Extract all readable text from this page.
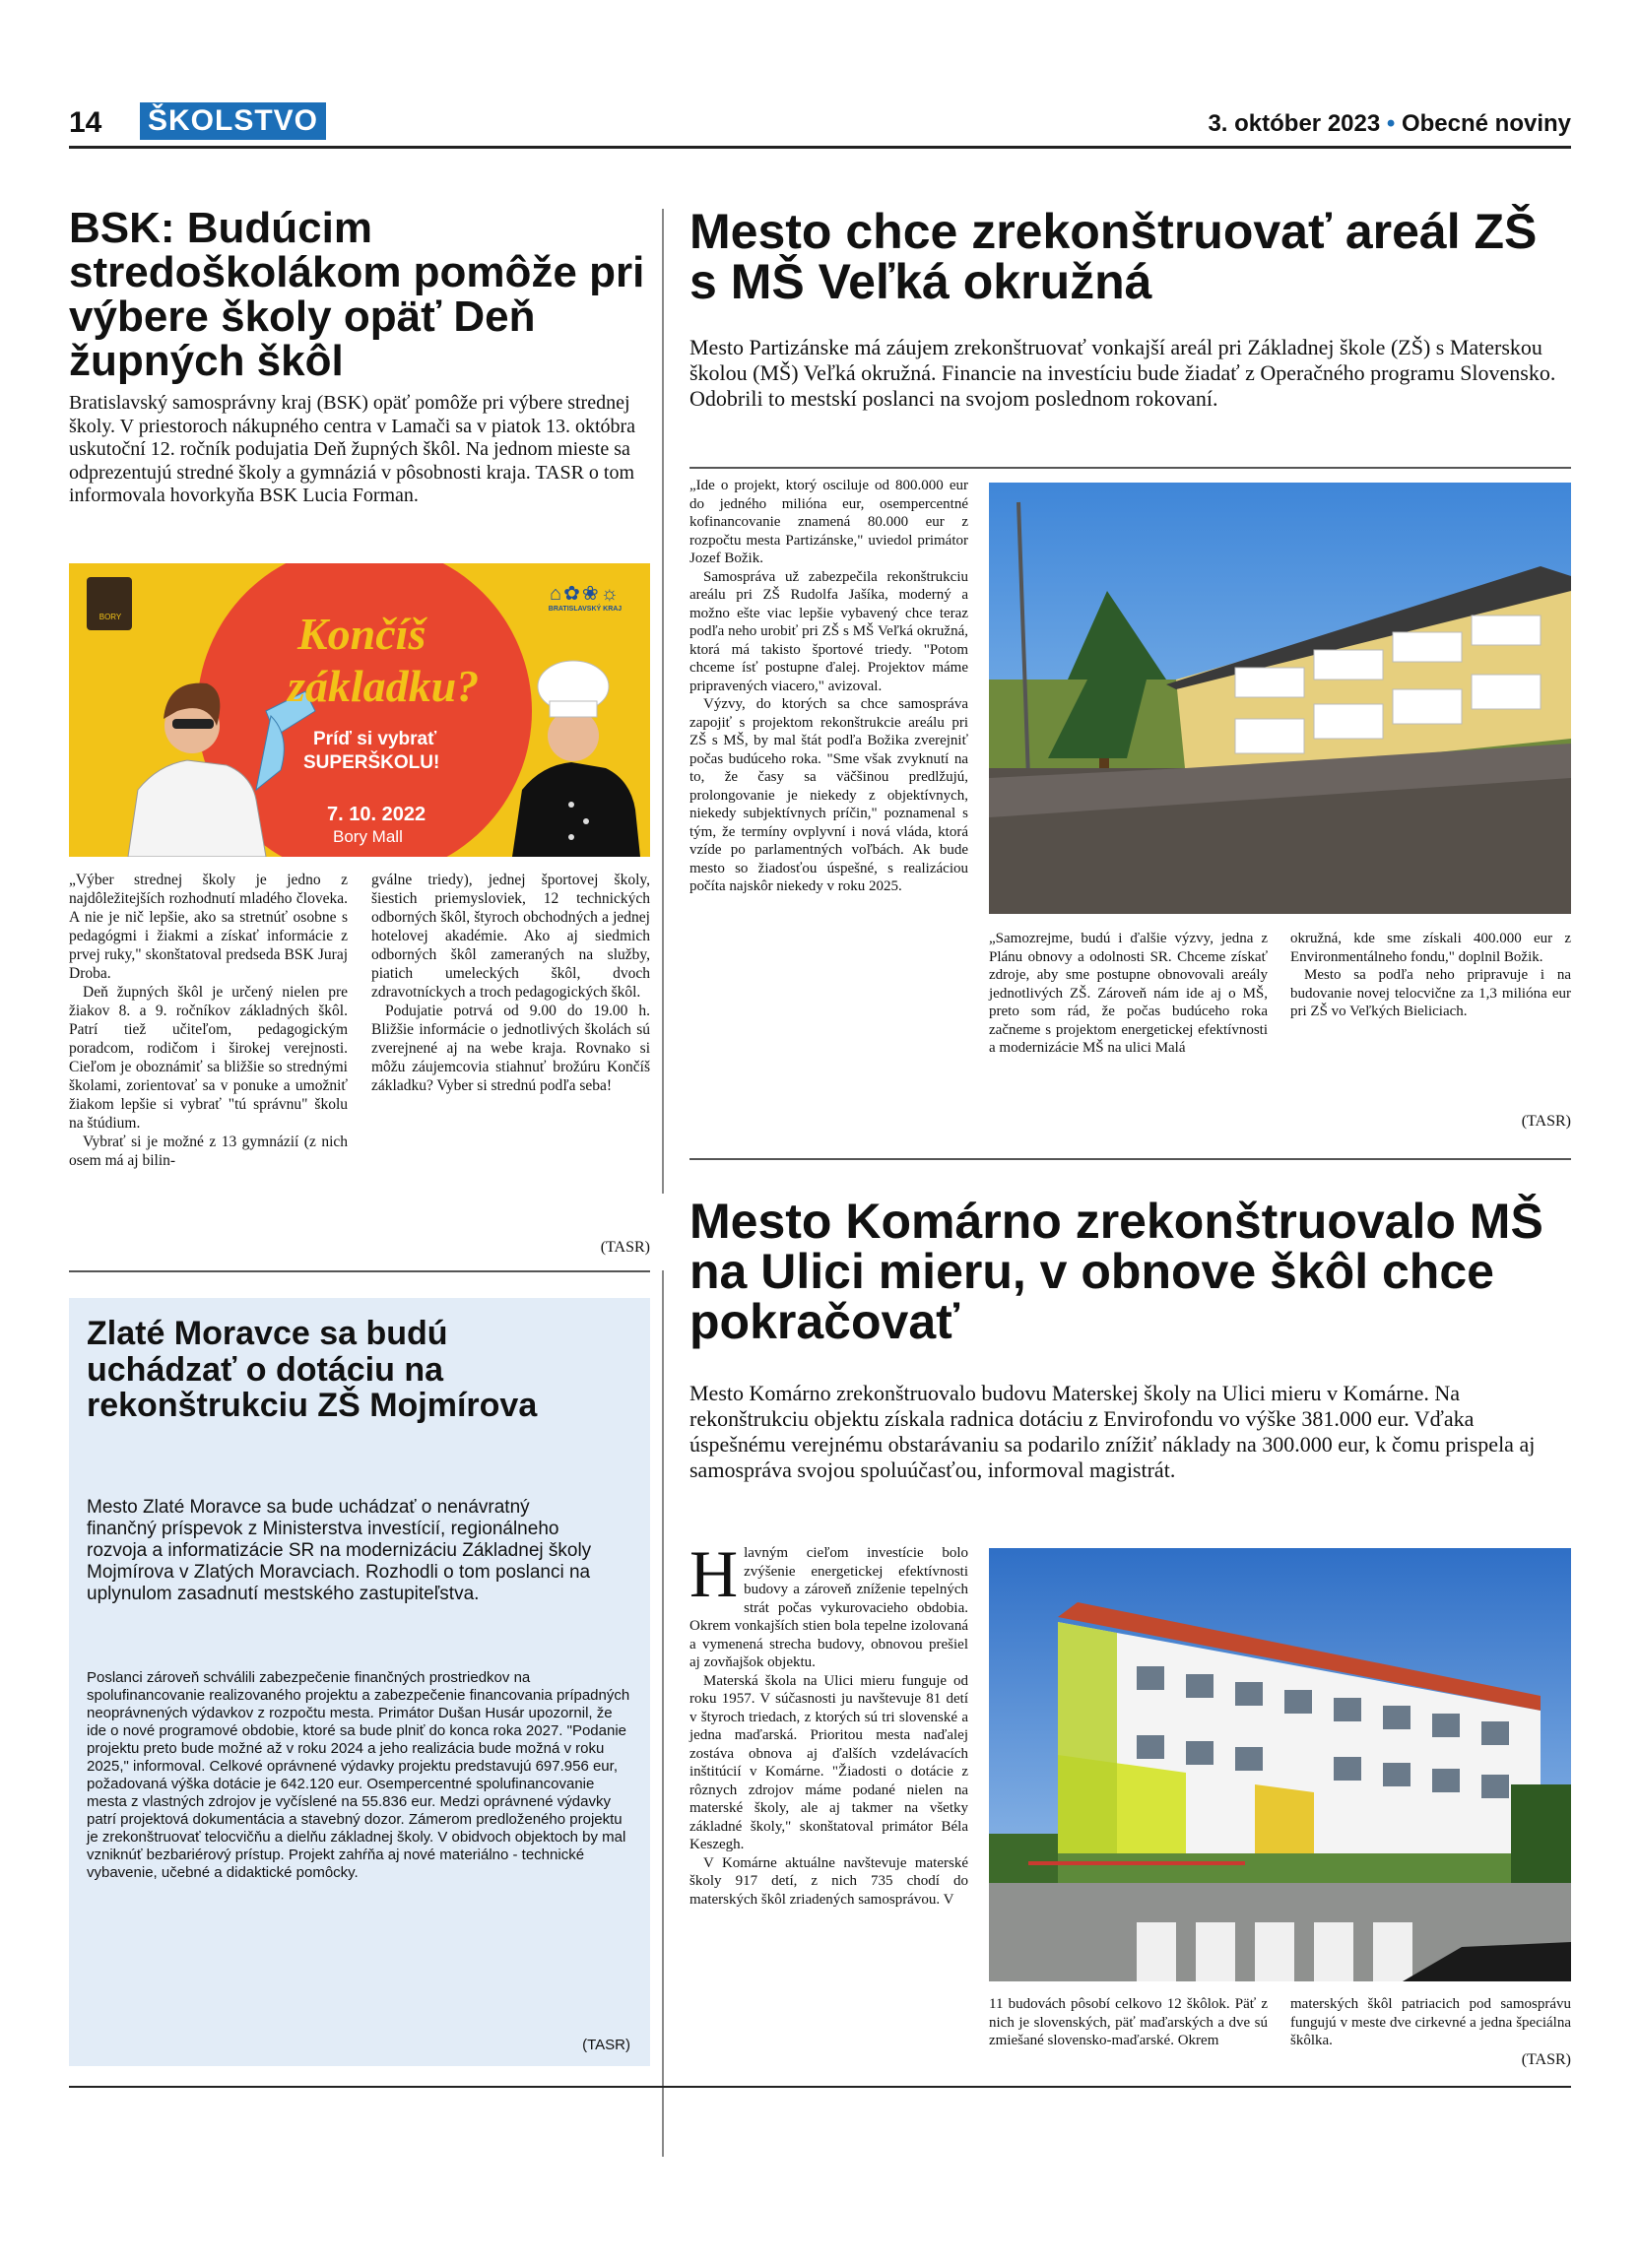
14 ŠKOLSTVO	3. október 2023 • Obecné noviny
BSK: Budúcim stredoškolákom pomôže pri výbere školy opäť Deň župných škôl
Bratislavský samosprávny kraj (BSK) opäť pomôže pri výbere strednej školy. V priestoroch nákupného centra v Lamači sa v piatok 13. októbra uskutoční 12. ročník podujatia Deň župných škôl. Na jednom mieste sa odprezentujú stredné školy a gymnáziá v pôsobnosti kraja. TASR o tom informovala hovorkyňa BSK Lucia Forman.
BORY	Končíš
základku?
Príď si vybrať
SUPERŠKOLU!
7. 10. 2022
Bory Mall
⌂✿❀☼
BRATISLAVSKÝ KRAJ

„Výber strednej školy je jedno z najdôležitejších rozhodnutí mladého človeka. A nie je nič lepšie, ako sa stretnúť osobne s pedagógmi i žiakmi a získať informácie z prvej ruky," skonštatoval predseda BSK Juraj Droba.

Deň župných škôl je určený nielen pre žiakov 8. a 9. ročníkov základných škôl. Patrí tiež učiteľom, pedagogickým poradcom, rodičom i širokej verejnosti. Cieľom je oboznámiť sa bližšie so strednými školami, zorientovať sa v ponuke a umožniť žiakom lepšie si vybrať "tú správnu" školu na štúdium.

Vybrať si je možné z 13 gymnázií (z nich osem má aj bilin-

gválne triedy), jednej športovej školy, šiestich priemysloviek, 12 technických odborných škôl, štyroch obchodných a jednej hotelovej akadémie. Ako aj siedmich odborných škôl zameraných na služby, piatich umeleckých škôl, dvoch zdravotníckych a troch pedagogických škôl.

Podujatie potrvá od 9.00 do 19.00 h. Bližšie informácie o jednotlivých školách sú zverejnené aj na webe kraja. Rovnako si môžu záujemcovia stiahnuť brožúru Končíš základku? Vyber si strednú podľa seba!

(TASR)
Zlaté Moravce sa budú uchádzať o dotáciu na rekonštrukciu ZŠ Mojmírova
Mesto Zlaté Moravce sa bude uchádzať o nenávratný finančný príspevok z Ministerstva investícií, regionálneho rozvoja a informatizácie SR na modernizáciu Základnej školy Mojmírova v Zlatých Moravciach. Rozhodli o tom poslanci na uplynulom zasadnutí mestského zastupiteľstva.
Poslanci zároveň schválili zabezpečenie finančných prostriedkov na spolufinancovanie realizovaného projektu a zabezpečenie financovania prípadných neoprávnených výdavkov z rozpočtu mesta. Primátor Dušan Husár upozornil, že ide o nové programové obdobie, ktoré sa bude plniť do konca roka 2027. "Podanie projektu preto bude možné až v roku 2024 a jeho realizácia bude možná v roku 2025," informoval. Celkové oprávnené výdavky projektu predstavujú 697.956 eur, požadovaná výška dotácie je 642.120 eur. Osempercentné spolufinancovanie mesta z vlastných zdrojov je vyčíslené na 55.836 eur. Medzi oprávnené výdavky patrí projektová dokumentácia a stavebný dozor. Zámerom predloženého projektu je zrekonštruovať telocvičňu a dielňu základnej školy. V obidvoch objektoch by mal vzniknúť bezbariérový prístup. Projekt zahŕňa aj nové materiálno - technické vybavenie, učebné a didaktické pomôcky.
(TASR)
Mesto chce zrekonštruovať areál ZŠ s MŠ Veľká okružná
Mesto Partizánske má záujem zrekonštruovať vonkajší areál pri Základnej škole (ZŠ) s Materskou školou (MŠ) Veľká okružná. Financie na investíciu bude žiadať z Operačného programu Slovensko. Odobrili to mestskí poslanci na svojom poslednom rokovaní.

„Ide o projekt, ktorý osciluje od 800.000 eur do jedného milióna eur, osempercentné kofinancovanie znamená 80.000 eur z rozpočtu mesta Partizánske," uviedol primátor Jozef Božik.

Samospráva už zabezpečila rekonštrukciu areálu pri ZŠ Rudolfa Jašíka, moderný a možno ešte viac lepšie vybavený chce teraz podľa neho urobiť pri ZŠ s MŠ Veľká okružná, ktorá má takisto športové triedy. "Potom chceme ísť postupne ďalej. Projektov máme pripravených viacero," avizoval.

Výzvy, do ktorých sa chce samospráva zapojiť s projektom rekonštrukcie areálu pri ZŠ s MŠ, by mal štát podľa Božika zverejniť počas budúceho roka. "Sme však zvyknutí na to, že časy sa väčšinou predlžujú, prolongovanie je niekedy z objektívnych, niekedy subjektívnych príčin," poznamenal s tým, že termíny ovplyvní i nová vláda, ktorá vzíde po parlamentných voľbách. Ak bude mesto so žiadosťou úspešné, s realizáciou počíta najskôr niekedy v roku 2025.

„Samozrejme, budú i ďalšie výzvy, jedna z Plánu obnovy a odolnosti SR. Chceme získať zdroje, aby sme postupne obnovovali areály jednotlivých ZŠ. Zároveň nám ide aj o MŠ, preto som rád, že počas budúceho roka začneme s projektom energetickej efektívnosti a modernizácie MŠ na ulici Malá

okružná, kde sme získali 400.000 eur z Environmentálneho fondu," doplnil Božik.

Mesto sa podľa neho pripravuje i na budovanie novej telocvične za 1,3 milióna eur pri ZŠ vo Veľkých Bieliciach.

(TASR)
Mesto Komárno zrekonštruovalo MŠ na Ulici mieru, v obnove škôl chce pokračovať
Mesto Komárno zrekonštruovalo budovu Materskej školy na Ulici mieru v Komárne. Na rekonštrukciu objektu získala radnica dotáciu z Envirofondu vo výške 381.000 eur. Vďaka úspešnému verejnému obstarávaniu sa podarilo znížiť náklady na 300.000 eur, k čomu prispela aj samospráva svojou spoluúčasťou, informoval magistrát.

Hlavným cieľom investície bolo zvýšenie energetickej efektívnosti budovy a zároveň zníženie tepelných strát počas vykurovacieho obdobia. Okrem vonkajších stien bola tepelne izolovaná a vymenená strecha budovy, obnovou prešiel aj zovňajšok objektu.

Materská škola na Ulici mieru funguje od roku 1957. V súčasnosti ju navštevuje 81 detí v štyroch triedach, z ktorých sú tri slovenské a jedna maďarská. Prioritou mesta naďalej zostáva obnova aj ďalších vzdelávacích inštitúcií v Komárne. "Žiadosti o dotácie z rôznych zdrojov máme podané nielen na materské školy, ale aj takmer na všetky základné školy," skonštatoval primátor Béla Keszegh.

V Komárne aktuálne navštevuje materské školy 917 detí, z nich 735 chodí do materských škôl zriadených samosprávou. V

11 budovách pôsobí celkovo 12 škôlok. Päť z nich je slovenských, päť maďarských a dve sú zmiešané slovensko-maďarské. Okrem

materských škôl patriacich pod samosprávu fungujú v meste dve cirkevné a jedna špeciálna škôlka.

(TASR)
